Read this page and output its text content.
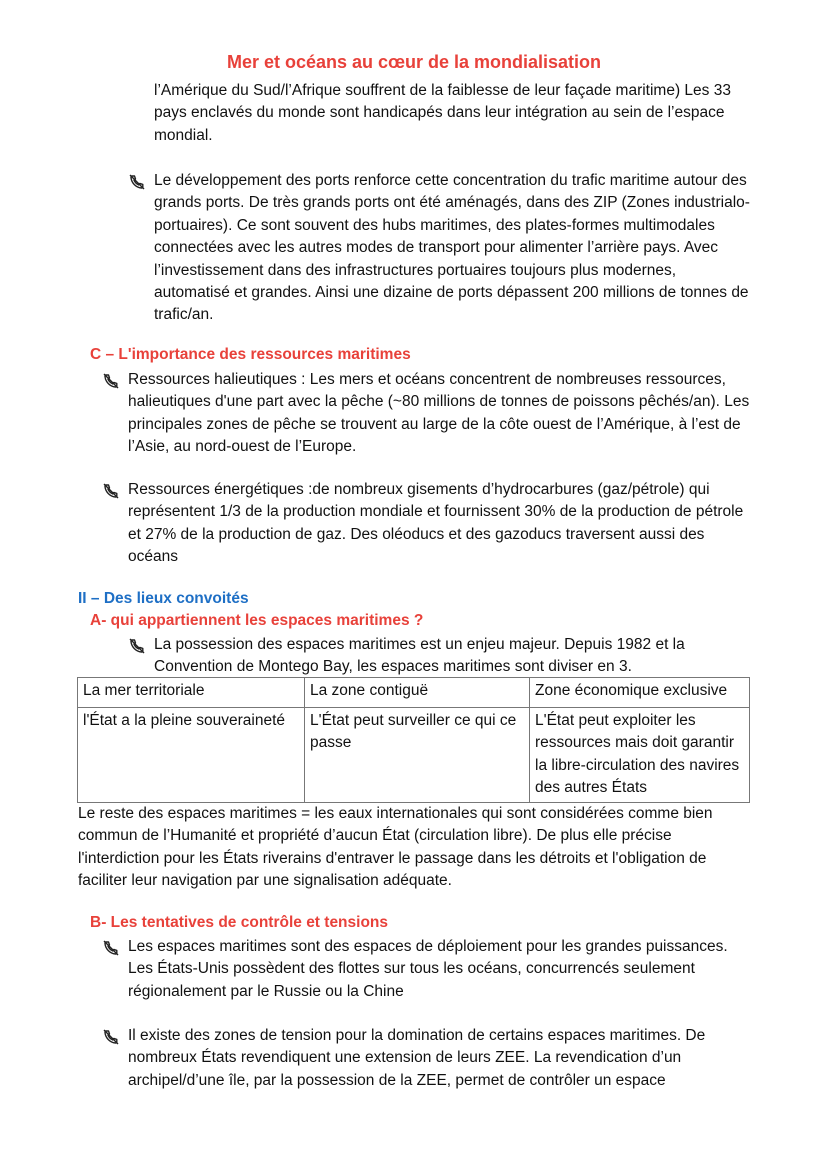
Mer et océans au cœur de la mondialisation

l’Amérique du Sud/l’Afrique souffrent de la faiblesse de leur façade maritime) Les 33 pays enclavés du monde sont handicapés dans leur intégration au sein de l’espace mondial.

Le développement des ports renforce cette concentration du trafic maritime autour des grands ports. De très grands ports ont été aménagés, dans des ZIP (Zones industrialo-portuaires). Ce sont souvent des hubs maritimes, des plates-formes multimodales connectées avec les autres modes de transport pour alimenter l’arrière pays. Avec l’investissement dans des infrastructures portuaires toujours plus modernes, automatisé et grandes. Ainsi une dizaine de ports dépassent 200 millions de tonnes de trafic/an.
C – L'importance des ressources maritimes
Ressources halieutiques : Les mers et océans concentrent de nombreuses ressources, halieutiques d'une part avec la pêche (~80 millions de tonnes de poissons pêchés/an). Les principales zones de pêche se trouvent au large de la côte ouest de l’Amérique, à l’est de l’Asie, au nord-ouest de l’Europe.
Ressources énergétiques :de nombreux gisements d’hydrocarbures (gaz/pétrole) qui représentent 1/3 de la production mondiale et fournissent 30% de la production de pétrole et 27% de la production de gaz. Des oléoducs et des gazoducs traversent aussi des océans
II – Des lieux convoités
A- qui appartiennent les espaces maritimes ?
La possession des espaces maritimes est un enjeu majeur. Depuis 1982 et la Convention de Montego Bay, les espaces maritimes sont diviser en 3.
La mer territoriale	La zone contiguë	Zone économique exclusive
l'État a la pleine souveraineté	L'État peut surveiller ce qui ce passe	L'État peut exploiter les ressources mais doit garantir la libre-circulation des navires des autres États

Le reste des espaces maritimes = les eaux internationales qui sont considérées comme bien commun de l’Humanité et propriété d’aucun État (circulation libre). De plus elle précise l'interdiction pour les États riverains d'entraver le passage dans les détroits et l'obligation de faciliter leur navigation par une signalisation adéquate.

B- Les tentatives de contrôle et tensions
Les espaces maritimes sont des espaces de déploiement pour les grandes puissances. Les États-Unis possèdent des flottes sur tous les océans, concurrencés seulement régionalement par le Russie ou la Chine
Il existe des zones de tension pour la domination de certains espaces maritimes. De nombreux États revendiquent une extension de leurs ZEE. La revendication d’un archipel/d’une île, par la possession de la ZEE, permet de contrôler un espace
